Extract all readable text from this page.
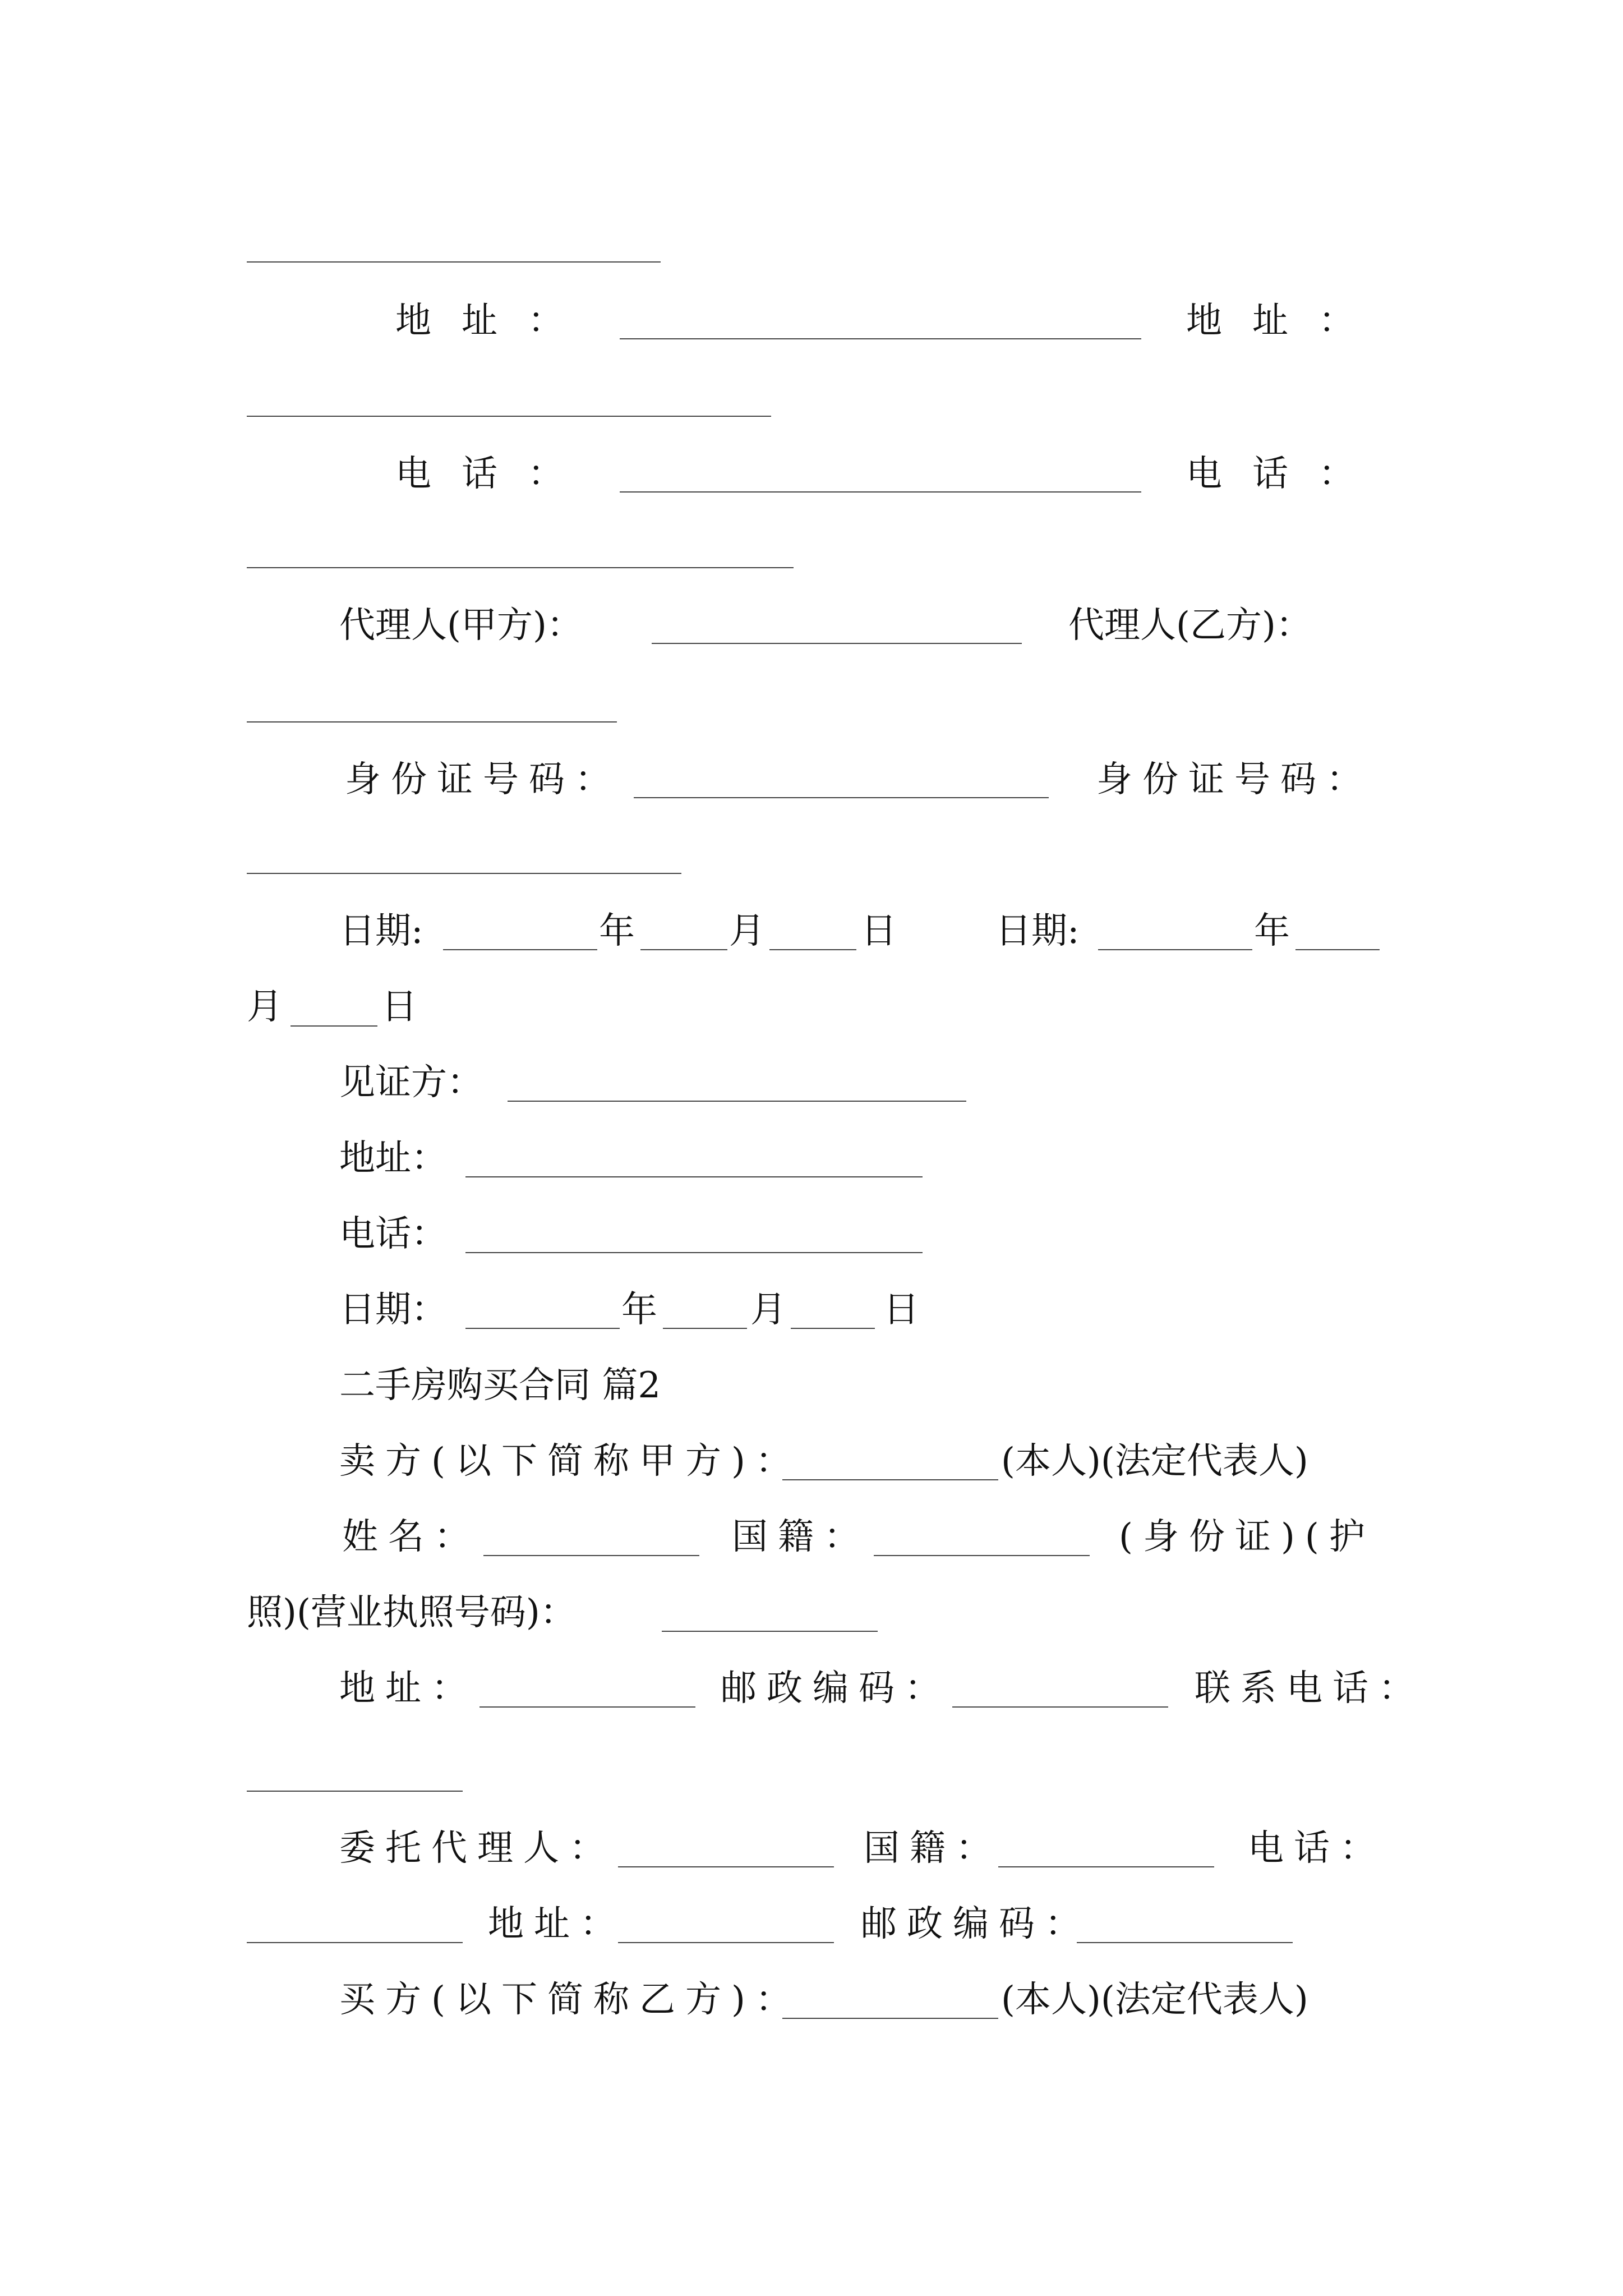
地址：	地址：
电话：	电话：
代理人(甲方)：	代理人(乙方)：
身份证号码：	身份证号码：
日期:	年	月	日	日期:	年
月	日
见证方：
地址：
电话：
日期：	年	月	日
二手房购买合同 篇2
卖方(以下简称甲方)：	(本人)(法定代表人)
姓名：	国籍：	(身份证)(护
照)(营业执照号码)：
地址：	邮政编码：	联系电话：
委托代理人：	国籍：	电话：
地址：	邮政编码：
买方(以下简称乙方)：	(本人)(法定代表人)
